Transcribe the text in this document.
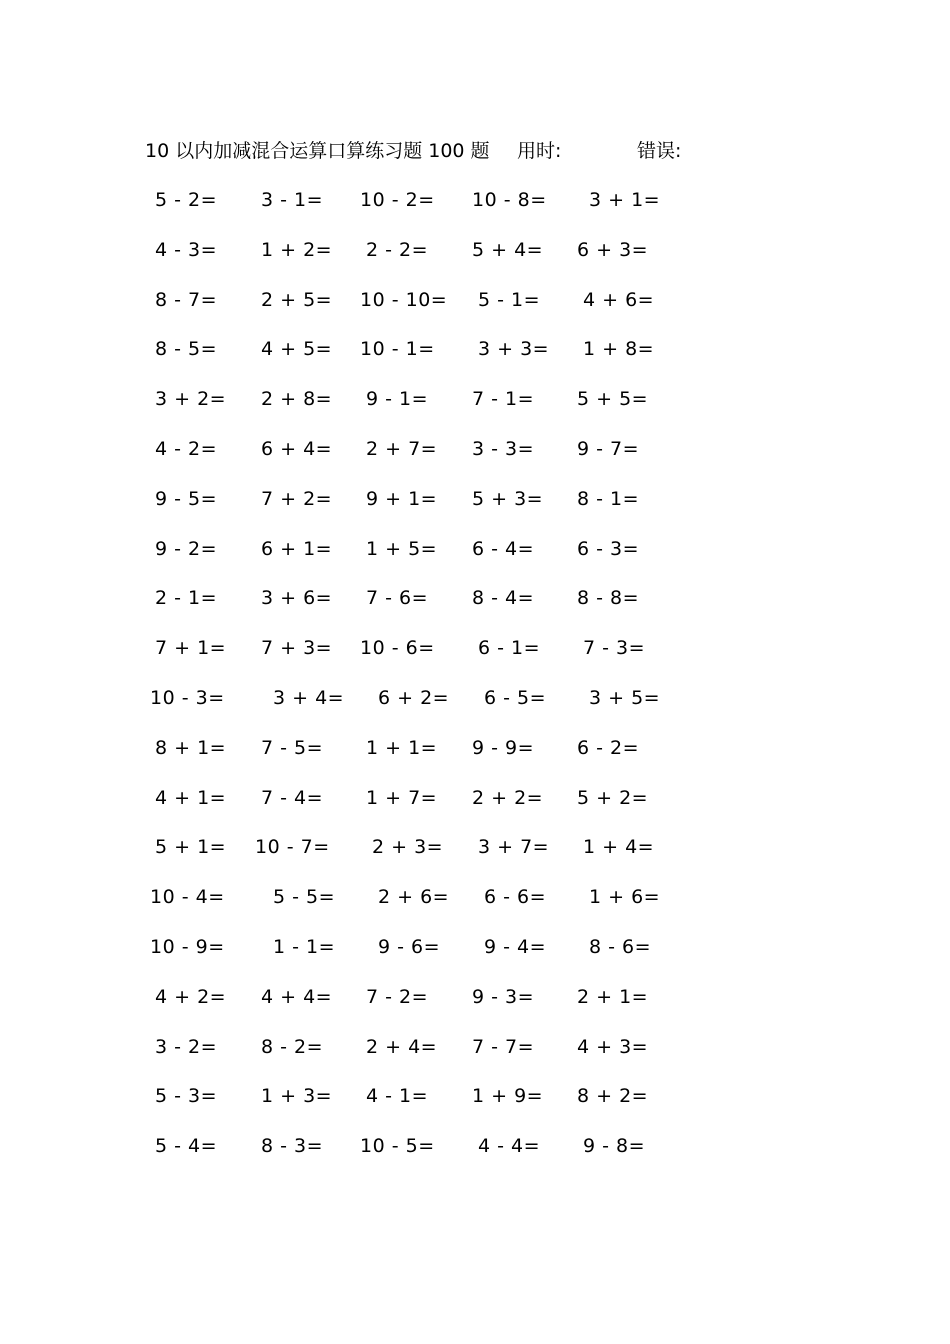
10 以内加减混合运算口算练习题 100 题 用时:	错误:
5 - 2= 3 - 1= 10 - 2= 10 - 8= 3 + 1=
4 - 3= 1 + 2= 2 - 2= 5 + 4= 6 + 3=
8 - 7= 2 + 5= 10 - 10= 5 - 1= 4 + 6=
8 - 5= 4 + 5= 10 - 1= 3 + 3= 1 + 8=
3 + 2= 2 + 8= 9 - 1= 7 - 1= 5 + 5=
4 - 2= 6 + 4= 2 + 7= 3 - 3= 9 - 7=
9 - 5= 7 + 2= 9 + 1= 5 + 3= 8 - 1=
9 - 2= 6 + 1= 1 + 5= 6 - 4= 6 - 3=
2 - 1= 3 + 6= 7 - 6= 8 - 4= 8 - 8=
7 + 1= 7 + 3= 10 - 6= 6 - 1= 7 - 3=
10 - 3=	3 + 4= 6 + 2= 6 - 5= 3 + 5=
8 + 1= 7 - 5= 1 + 1= 9 - 9= 6 - 2=
4 + 1= 7 - 4= 1 + 7= 2 + 2= 5 + 2=
5 + 1= 10 - 7= 2 + 3= 3 + 7= 1 + 4=
10 - 4=	5 - 5= 2 + 6= 6 - 6= 1 + 6=
10 - 9=	1 - 1= 9 - 6= 9 - 4= 8 - 6=
4 + 2= 4 + 4= 7 - 2= 9 - 3= 2 + 1=
3 - 2= 8 - 2= 2 + 4= 7 - 7= 4 + 3=
5 - 3= 1 + 3= 4 - 1= 1 + 9= 8 + 2=
5 - 4= 8 - 3= 10 - 5= 4 - 4= 9 - 8=
